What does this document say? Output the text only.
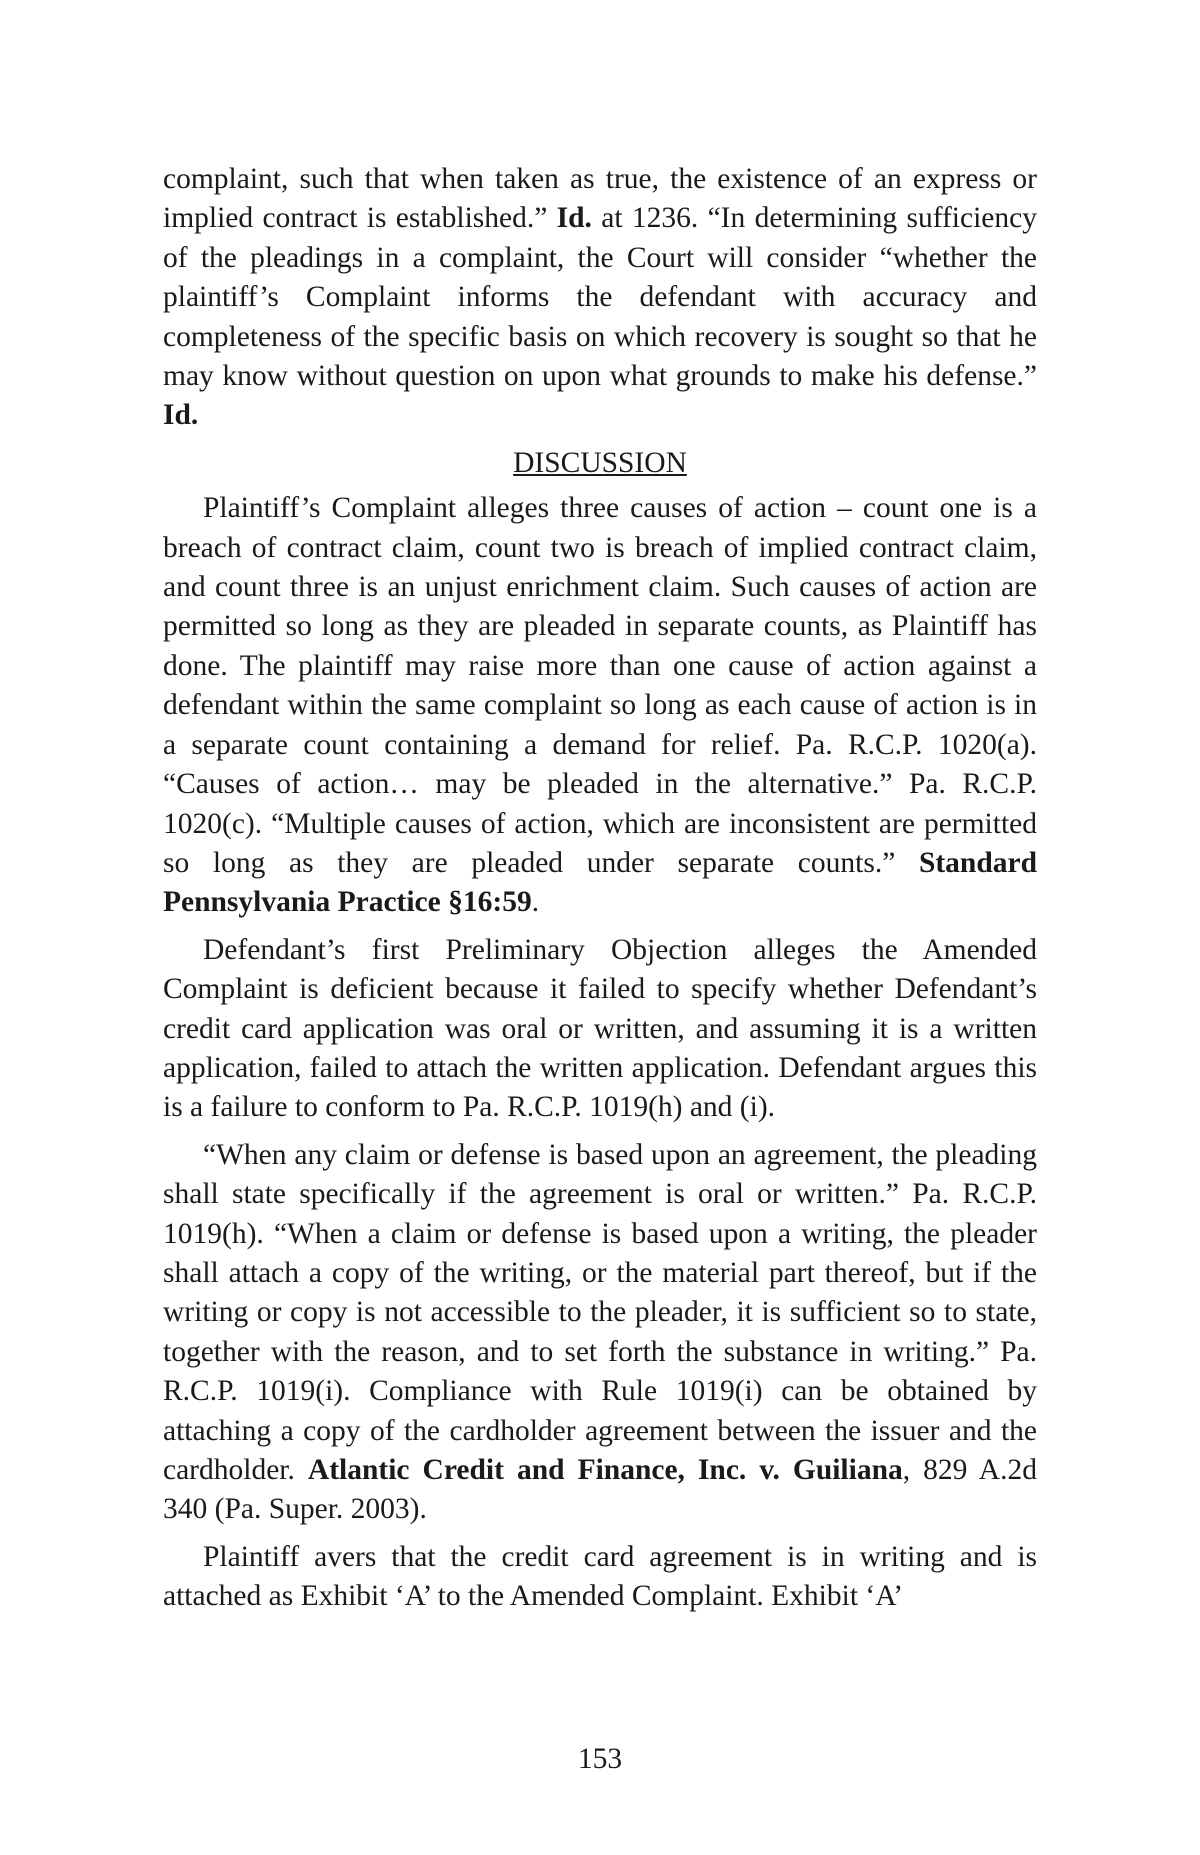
complaint, such that when taken as true, the existence of an express or implied contract is established.” Id. at 1236. “In determining sufficiency of the pleadings in a complaint, the Court will consider “whether the plaintiff’s Complaint informs the defendant with accuracy and completeness of the specific basis on which recovery is sought so that he may know without question on upon what grounds to make his defense.” Id.

DISCUSSION

Plaintiff’s Complaint alleges three causes of action – count one is a breach of contract claim, count two is breach of implied contract claim, and count three is an unjust enrichment claim. Such causes of action are permitted so long as they are pleaded in separate counts, as Plaintiff has done. The plaintiff may raise more than one cause of action against a defendant within the same complaint so long as each cause of action is in a separate count containing a demand for relief. Pa. R.C.P. 1020(a). “Causes of action… may be pleaded in the alternative.” Pa. R.C.P. 1020(c). “Multiple causes of action, which are inconsistent are permitted so long as they are pleaded under separate counts.” Standard Pennsylvania Practice §16:59.

Defendant’s first Preliminary Objection alleges the Amended Complaint is deficient because it failed to specify whether Defendant’s credit card application was oral or written, and assuming it is a written application, failed to attach the written application. Defendant argues this is a failure to conform to Pa. R.C.P. 1019(h) and (i).

“When any claim or defense is based upon an agreement, the pleading shall state specifically if the agreement is oral or written.” Pa. R.C.P. 1019(h). “When a claim or defense is based upon a writing, the pleader shall attach a copy of the writing, or the material part thereof, but if the writing or copy is not accessible to the pleader, it is sufficient so to state, together with the reason, and to set forth the substance in writing.” Pa. R.C.P. 1019(i). Compliance with Rule 1019(i) can be obtained by attaching a copy of the cardholder agreement between the issuer and the cardholder. Atlantic Credit and Finance, Inc. v. Guiliana, 829 A.2d 340 (Pa. Super. 2003).

Plaintiff avers that the credit card agreement is in writing and is attached as Exhibit ‘A’ to the Amended Complaint. Exhibit ‘A’

153
